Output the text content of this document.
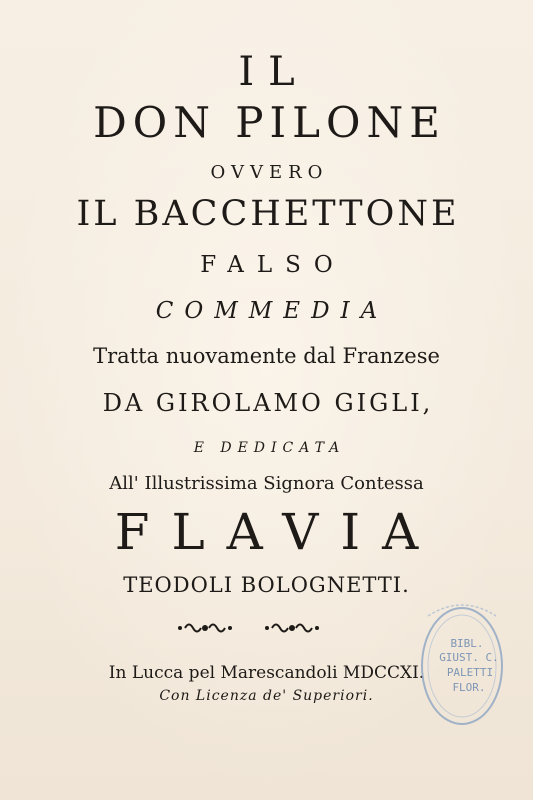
IL
DON PILONE
OVVERO
IL BACCHETTONE
FALSO
COMMEDIA
Tratta nuovamente dal Franzese
DA GIROLAMO GIGLI,
E DEDICATA
All' Illustrissima Signora Contessa
FLAVIA
TEODOLI BOLOGNETTI.
In Lucca pel Marescandoli MDCCXI.
Con Licenza de' Superiori.
BIBL.
GIUST. C.
PALETTI
FLOR.
